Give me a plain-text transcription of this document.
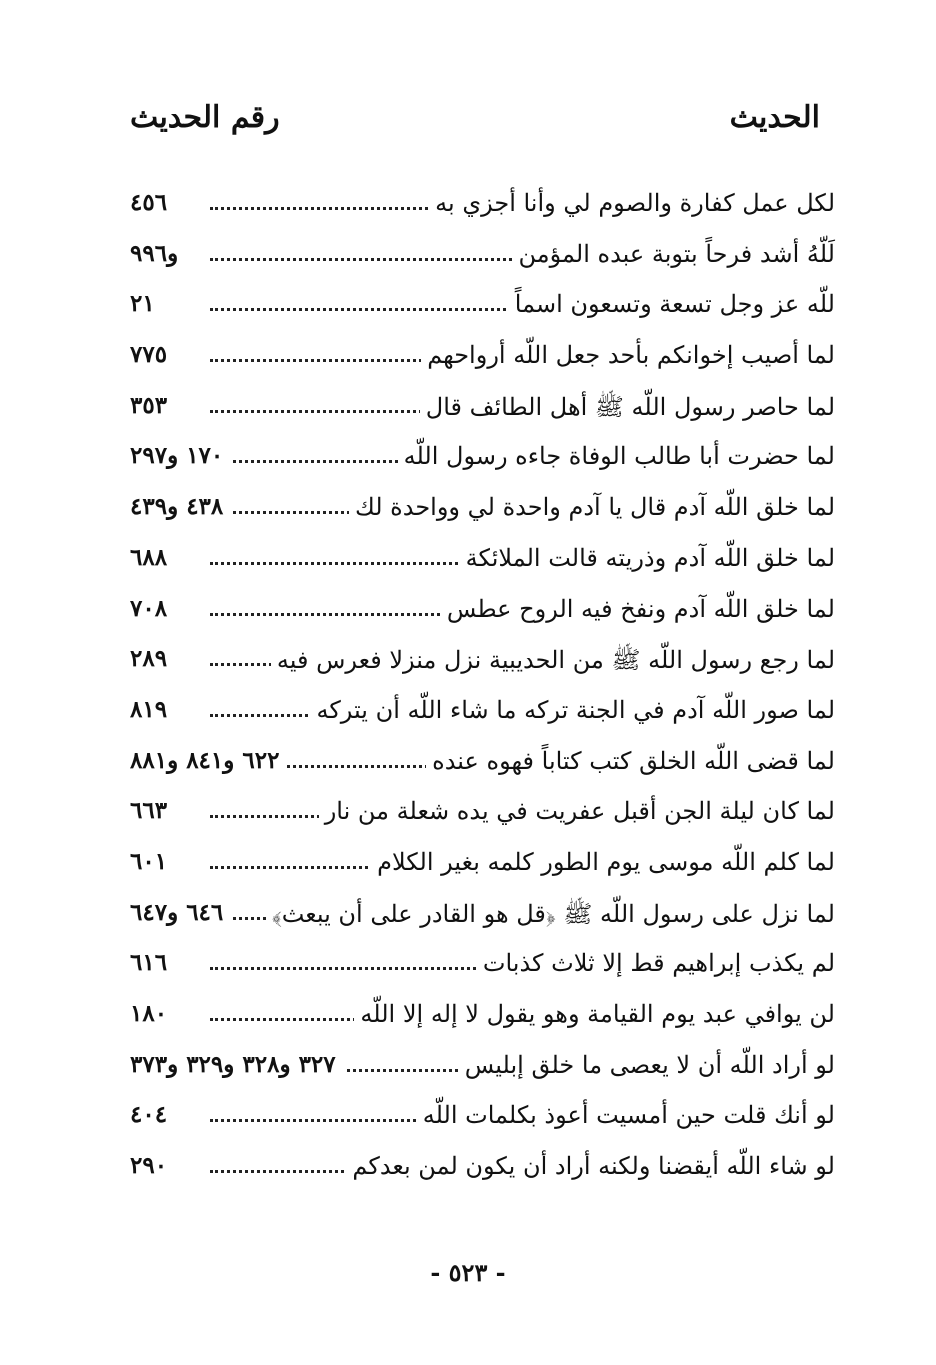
الحديث
رقم الحديث
لكل عمل كفارة والصوم لي وأنا أجزي به
٤٥٦
لَلّهُ أشد فرحاً بتوبة عبده المؤمن
و٩٩٦
للّه عز وجل تسعة وتسعون اسماً
٢١
لما أصيب إخوانكم بأحد جعل اللّه أرواحهم
٧٧٥
لما حاصر رسول اللّه ﷺ أهل الطائف قال
٣٥٣
لما حضرت أبا طالب الوفاة جاءه رسول اللّه
١٧٠ و٢٩٧
لما خلق اللّه آدم قال يا آدم واحدة لي وواحدة لك
٤٣٨ و٤٣٩
لما خلق اللّه آدم وذريته قالت الملائكة
٦٨٨
لما خلق اللّه آدم ونفخ فيه الروح عطس
٧٠٨
لما رجع رسول اللّه ﷺ من الحديبية نزل منزلا فعرس فيه
٢٨٩
لما صور اللّه آدم في الجنة تركه ما شاء اللّه أن يتركه
٨١٩
لما قضى اللّه الخلق كتب كتاباً فهوه عنده
٦٢٢ و٨٤١ و٨٨١
لما كان ليلة الجن أقبل عفريت في يده شعلة من نار
٦٦٣
لما كلم اللّه موسى يوم الطور كلمه بغير الكلام
٦٠١
لما نزل على رسول اللّه ﷺ ﴿قل هو القادر على أن يبعث﴾
٦٤٦ و٦٤٧
لم يكذب إبراهيم قط إلا ثلاث كذبات
٦١٦
لن يوافي عبد يوم القيامة وهو يقول لا إله إلا اللّه
١٨٠
لو أراد اللّه أن لا يعصى ما خلق إبليس
٣٢٧ و٣٢٨ و٣٢٩ و٣٧٣
لو أنك قلت حين أمسيت أعوذ بكلمات اللّه
٤٠٤
لو شاء اللّه أيقضنا ولكنه أراد أن يكون لمن بعدكم
٢٩٠
- ٥٢٣ -
